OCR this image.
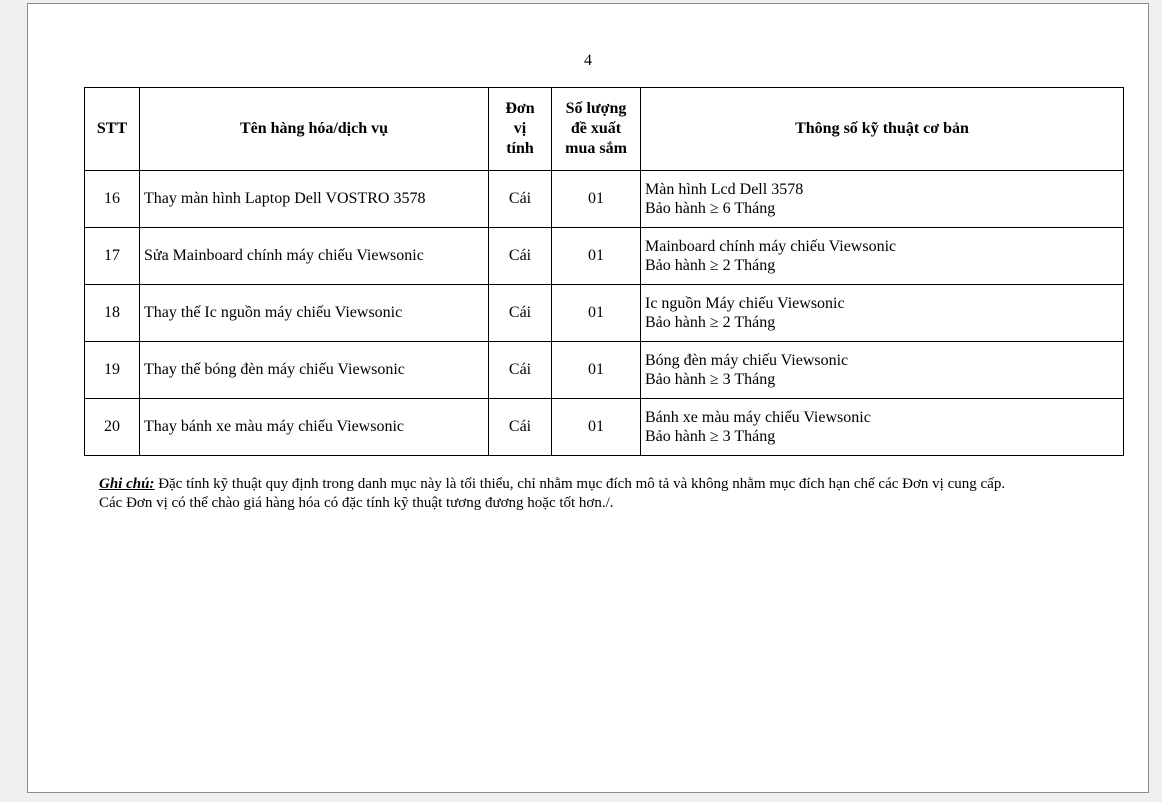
4
STT	Tên hàng hóa/dịch vụ	Đơn vị tính	Số lượng đề xuất mua sắm	Thông số kỹ thuật cơ bản
16	Thay màn hình Laptop Dell VOSTRO 3578	Cái	01	Màn hình Lcd Dell 3578
Bảo hành ≥ 6 Tháng

17	Sửa Mainboard chính máy chiếu Viewsonic	Cái	01	Mainboard chính máy chiếu Viewsonic
Bảo hành ≥ 2 Tháng

18	Thay thế Ic nguồn máy chiếu Viewsonic	Cái	01	Ic nguồn Máy chiếu Viewsonic
Bảo hành ≥ 2 Tháng

19	Thay thế bóng đèn máy chiếu Viewsonic	Cái	01	Bóng đèn máy chiếu Viewsonic
Bảo hành ≥ 3 Tháng

20	Thay bánh xe màu máy chiếu Viewsonic	Cái	01	Bánh xe màu máy chiếu Viewsonic
Bảo hành ≥ 3 Tháng
Ghi chú: Đặc tính kỹ thuật quy định trong danh mục này là tối thiểu, chỉ nhằm mục đích mô tả và không nhằm mục đích hạn chế các Đơn vị cung cấp.
Các Đơn vị có thể chào giá hàng hóa có đặc tính kỹ thuật tương đương hoặc tốt hơn./.
